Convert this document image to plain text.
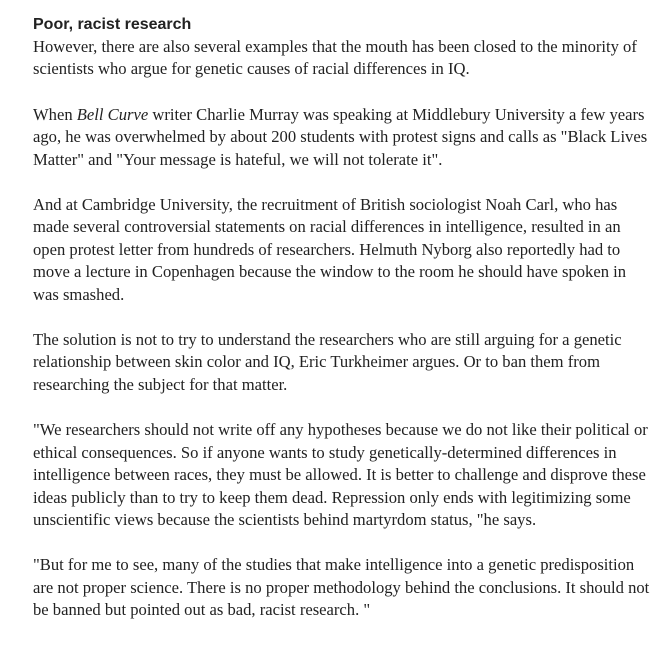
Poor, racist research

However, there are also several examples that the mouth has been closed to the minority of scientists who argue for genetic causes of racial differences in IQ.

When Bell Curve writer Charlie Murray was speaking at Middlebury University a few years ago, he was overwhelmed by about 200 students with protest signs and calls as "Black Lives Matter" and "Your message is hateful, we will not tolerate it".

And at Cambridge University, the recruitment of British sociologist Noah Carl, who has made several controversial statements on racial differences in intelligence, resulted in an open protest letter from hundreds of researchers. Helmuth Nyborg also reportedly had to move a lecture in Copenhagen because the window to the room he should have spoken in was smashed.

The solution is not to try to understand the researchers who are still arguing for a genetic relationship between skin color and IQ, Eric Turkheimer argues. Or to ban them from researching the subject for that matter.

"We researchers should not write off any hypotheses because we do not like their political or ethical consequences. So if anyone wants to study genetically-determined differences in intelligence between races, they must be allowed. It is better to challenge and disprove these ideas publicly than to try to keep them dead. Repression only ends with legitimizing some unscientific views because the scientists behind martyrdom status, "he says.

"But for me to see, many of the studies that make intelligence into a genetic predisposition are not proper science. There is no proper methodology behind the conclusions. It should not be banned but pointed out as bad, racist research. "
